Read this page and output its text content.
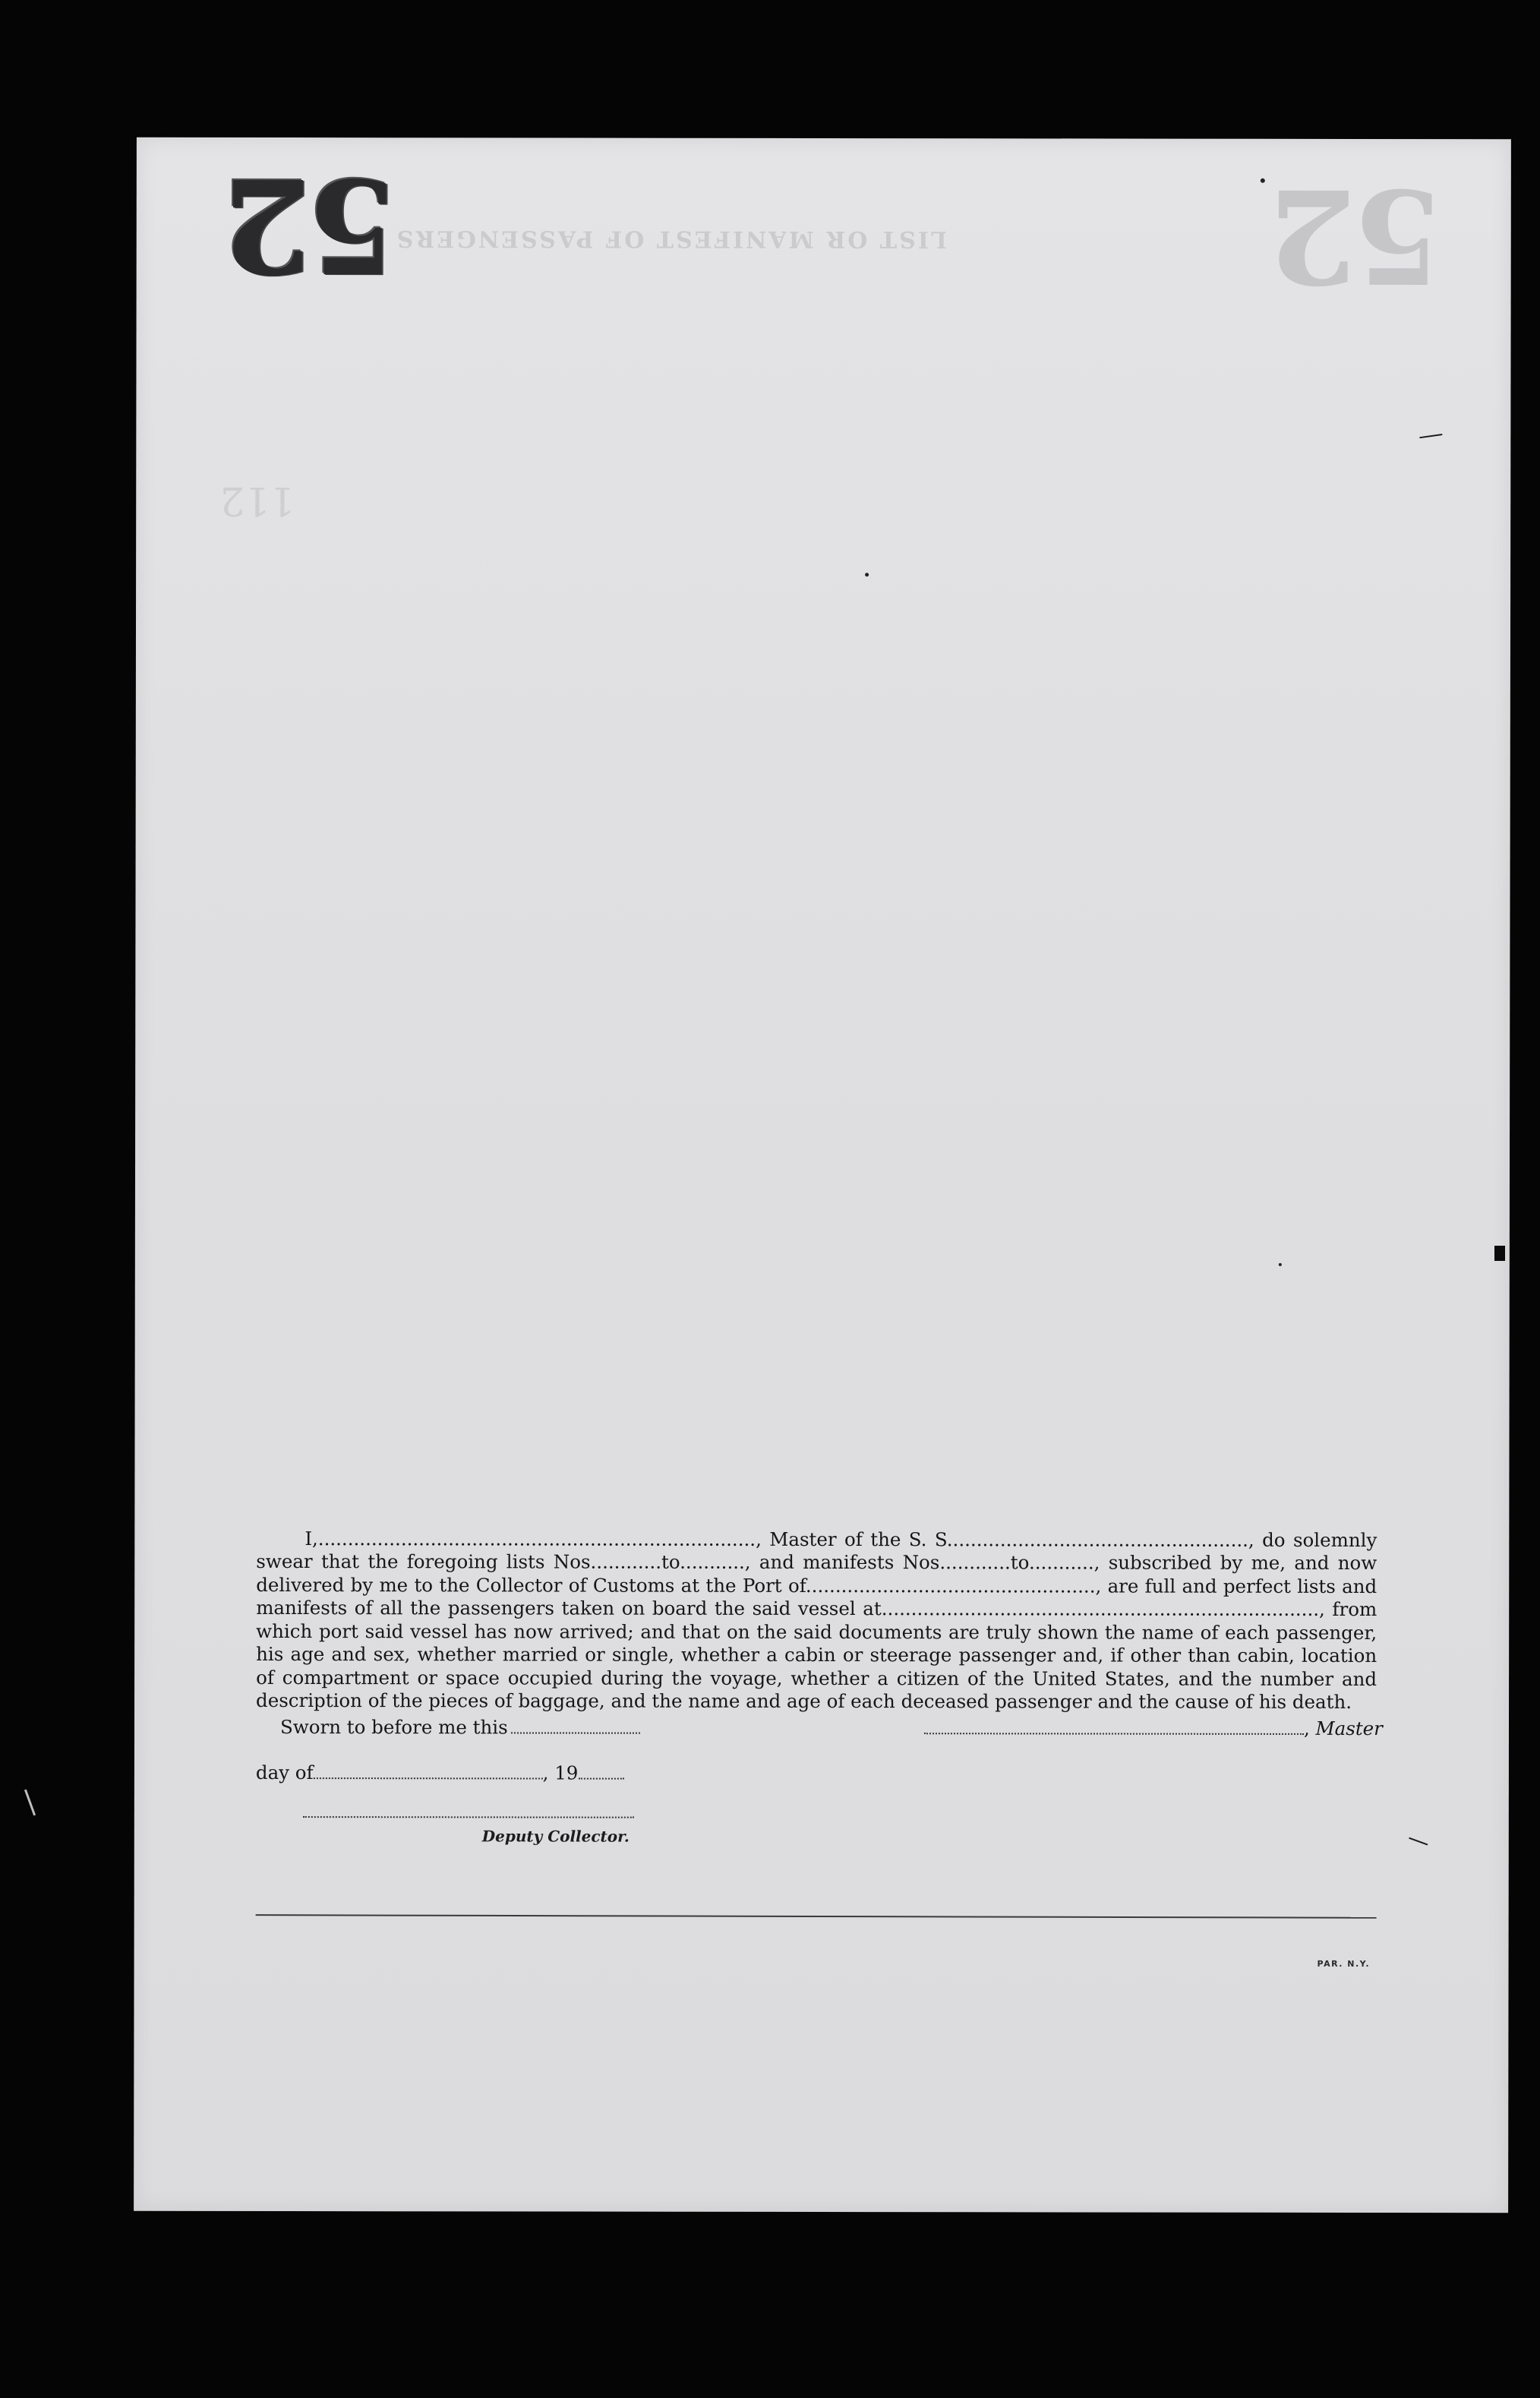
52	52
LIST OR MANIFEST OF PASSENGERS
112

I,.........................................................................., Master of the S. S..................................................., do solemnly swear that the foregoing lists Nos............to..........., and manifests Nos............to..........., subscribed by me, and now delivered by me to the Collector of Customs at the Port of................................................., are full and perfect lists and manifests of all the passengers taken on board the said vessel at.........................................................................., from which port said vessel has now arrived; and that on the said documents are truly shown the name of each passenger, his age and sex, whether married or single, whether a cabin or steerage passenger and, if other than cabin, location of compartment or space occupied during the voyage, whether a citizen of the United States, and the number and description of the pieces of baggage, and the name and age of each deceased passenger and the cause of his death.

Sworn to before me this	, Master
day of	, 19
Deputy Collector.
PAR. N.Y.
